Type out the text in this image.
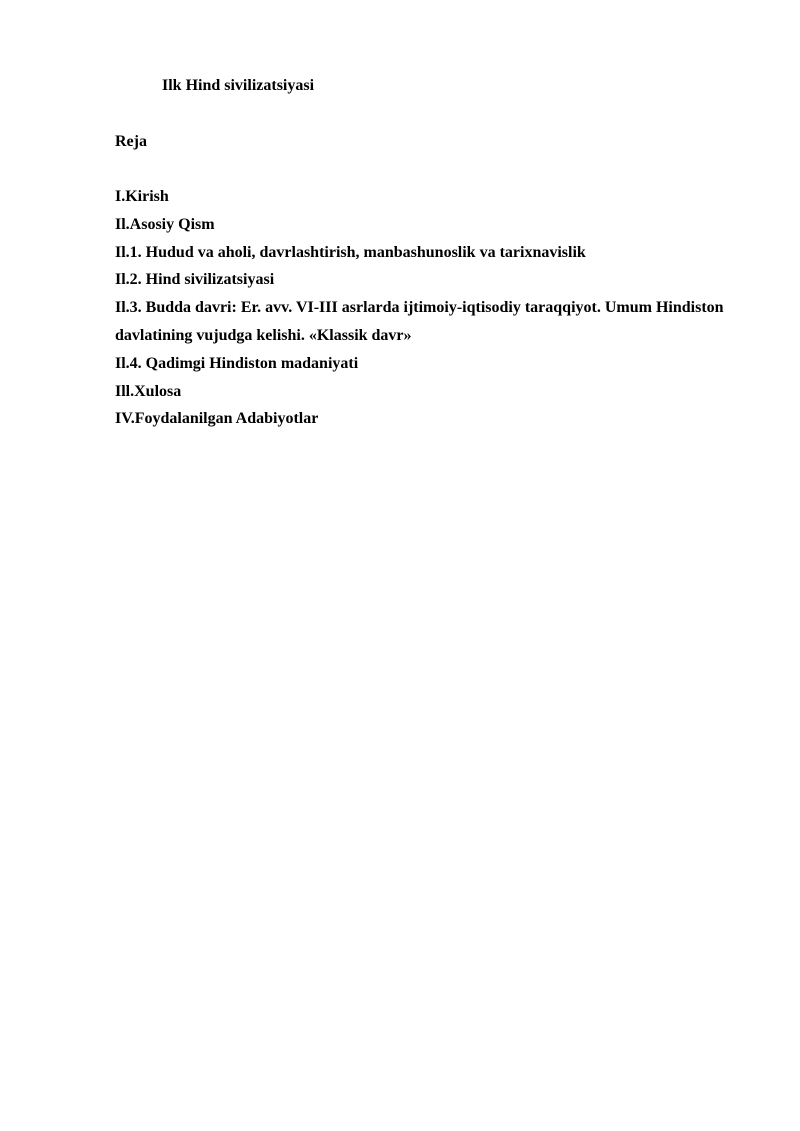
Ilk Hind sivilizatsiyasi
Reja
I.Kirish
Il.Asosiy Qism
Il.1. Hudud va aholi, davrlashtirish, manbashunoslik va tarixnavislik
Il.2. Hind sivilizatsiyasi
Il.3. Budda davri: Er. avv. VI-III asrlarda ijtimoiy-iqtisodiy taraqqiyot. Umum Hindiston davlatining vujudga kelishi. «Klassik davr»
Il.4. Qadimgi Hindiston madaniyati
Ill.Xulosa
IV.Foydalanilgan Adabiyotlar
